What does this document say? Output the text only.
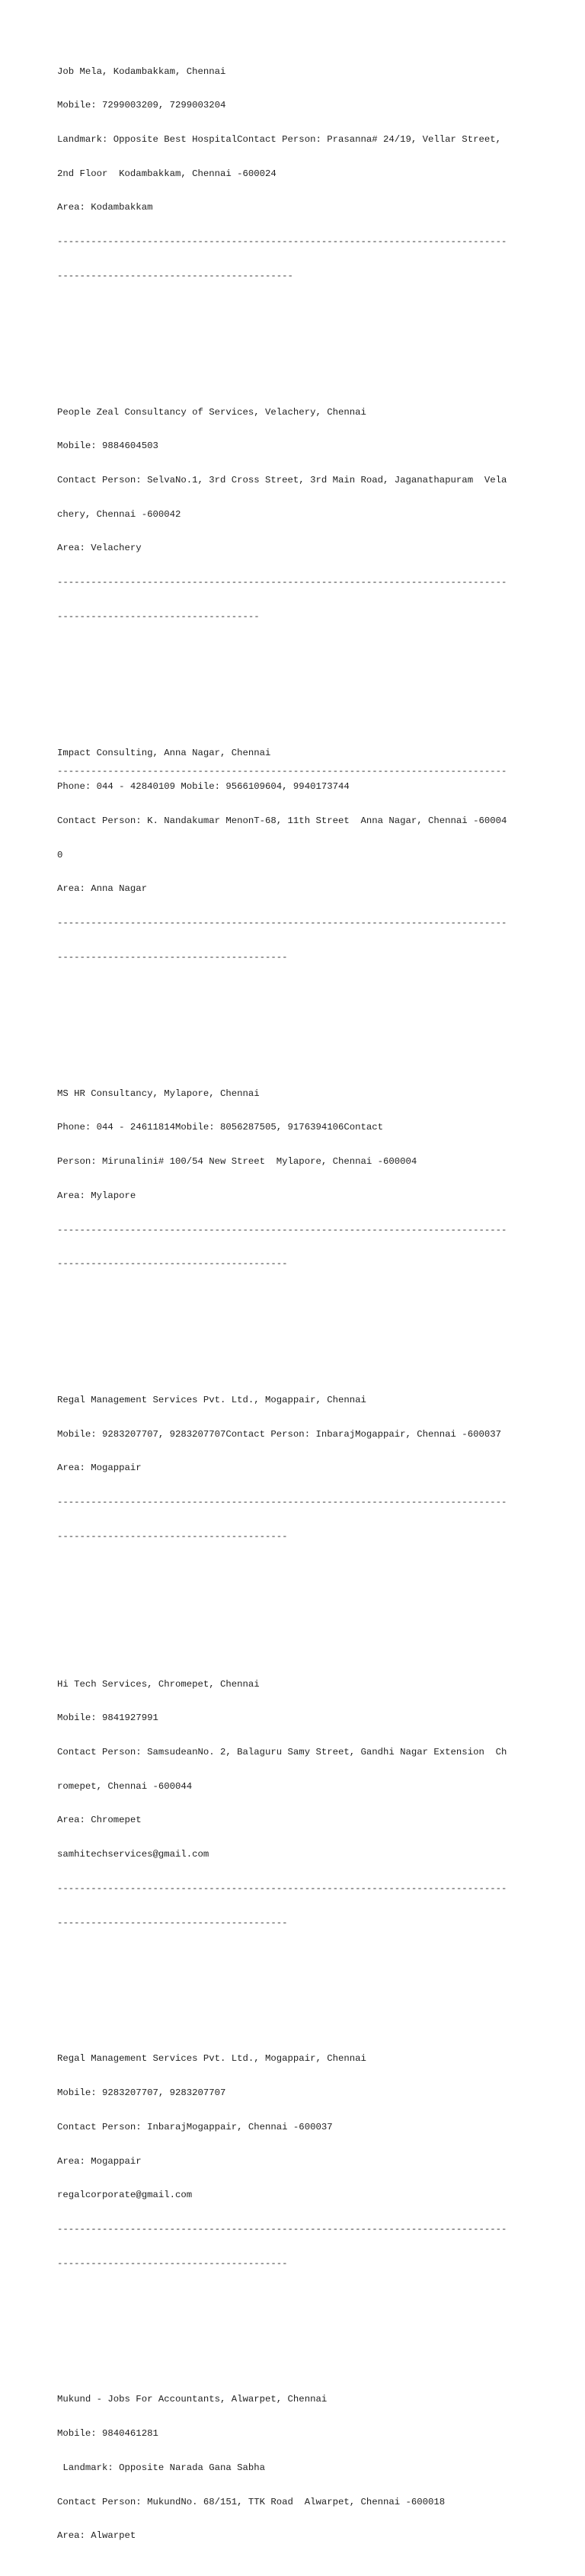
Job Mela, Kodambakkam, Chennai

Mobile: 7299003209, 7299003204

Landmark: Opposite Best HospitalContact Person: Prasanna# 24/19, Vellar Street,

2nd Floor  Kodambakkam, Chennai -600024

Area: Kodambakkam

--------------------------------------------------------------------------------

------------------------------------------

People Zeal Consultancy of Services, Velachery, Chennai

Mobile: 9884604503

Contact Person: SelvaNo.1, 3rd Cross Street, 3rd Main Road, Jaganathapuram  Vela

chery, Chennai -600042

Area: Velachery

--------------------------------------------------------------------------------

------------------------------------

Impact Consulting, Anna Nagar, Chennai

Phone: 044 - 42840109 Mobile: 9566109604, 9940173744

Contact Person: K. Nandakumar MenonT-68, 11th Street  Anna Nagar, Chennai -60004

0

Area: Anna Nagar

--------------------------------------------------------------------------------

-----------------------------------------

MS HR Consultancy, Mylapore, Chennai

Phone: 044 - 24611814Mobile: 8056287505, 9176394106Contact

Person: Mirunalini# 100/54 New Street  Mylapore, Chennai -600004

Area: Mylapore

--------------------------------------------------------------------------------

-----------------------------------------

Regal Management Services Pvt. Ltd., Mogappair, Chennai

Mobile: 9283207707, 9283207707Contact Person: InbarajMogappair, Chennai -600037

Area: Mogappair

--------------------------------------------------------------------------------

-----------------------------------------

Hi Tech Services, Chromepet, Chennai

Mobile: 9841927991

Contact Person: SamsudeanNo. 2, Balaguru Samy Street, Gandhi Nagar Extension  Ch

romepet, Chennai -600044

Area: Chromepet

samhitechservices@gmail.com

--------------------------------------------------------------------------------

-----------------------------------------

Regal Management Services Pvt. Ltd., Mogappair, Chennai

Mobile: 9283207707, 9283207707

Contact Person: InbarajMogappair, Chennai -600037

Area: Mogappair

regalcorporate@gmail.com

--------------------------------------------------------------------------------

-----------------------------------------

Mukund - Jobs For Accountants, Alwarpet, Chennai

Mobile: 9840461281

Landmark: Opposite Narada Gana Sabha

Contact Person: MukundNo. 68/151, TTK Road  Alwarpet, Chennai -600018

Area: Alwarpet

--------------------------------------------------------------------------------
